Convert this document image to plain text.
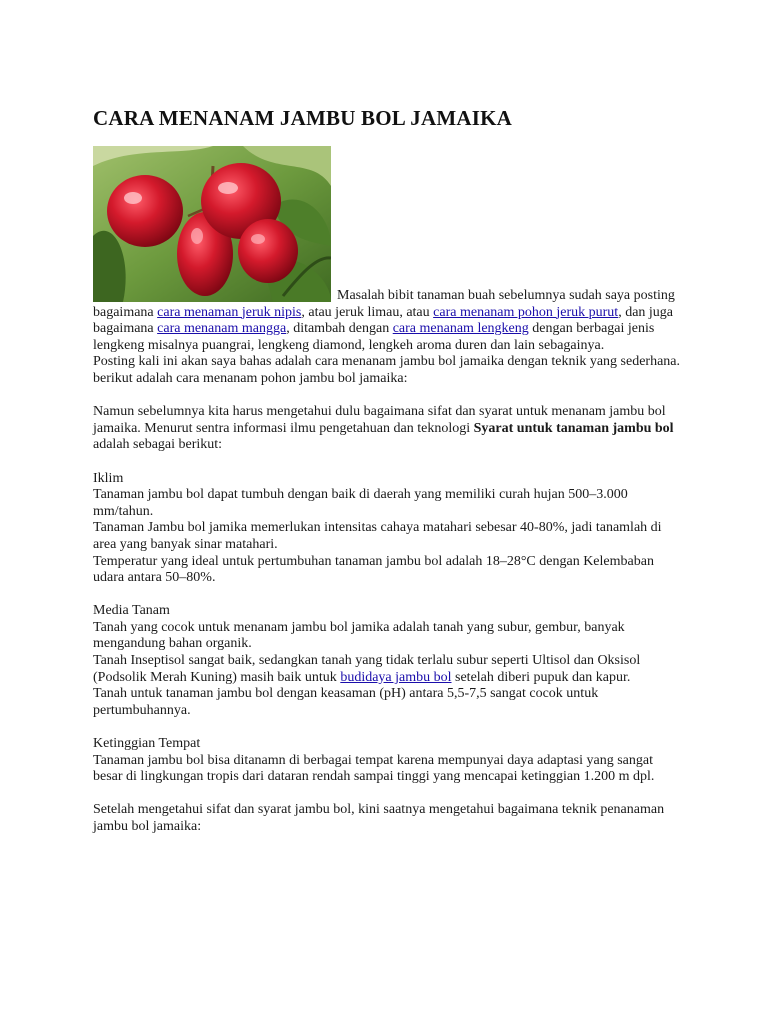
CARA MENANAM JAMBU BOL JAMAIKA

Masalah bibit tanaman buah sebelumnya sudah saya posting bagaimana cara menaman jeruk nipis, atau jeruk limau, atau cara menanam pohon jeruk purut, dan juga bagaimana cara menanam mangga, ditambah dengan cara menanam lengkeng dengan berbagai jenis lengkeng misalnya puangrai, lengkeng diamond, lengkeh aroma duren dan lain sebagainya.

Posting kali ini akan saya bahas adalah cara menanam jambu bol jamaika dengan teknik yang sederhana. berikut adalah cara menanam pohon jambu bol jamaika:

Namun sebelumnya kita harus mengetahui dulu bagaimana sifat dan syarat untuk menanam jambu bol jamaika. Menurut sentra informasi ilmu pengetahuan dan teknologi Syarat untuk tanaman jambu bol adalah sebagai berikut:

Iklim

Tanaman jambu bol dapat tumbuh dengan baik di daerah yang memiliki curah hujan 500–3.000 mm/tahun.

Tanaman Jambu bol jamika memerlukan intensitas cahaya matahari sebesar 40-80%, jadi tanamlah di area yang banyak sinar matahari.

Temperatur yang ideal untuk pertumbuhan tanaman jambu bol adalah 18–28°C dengan Kelembaban udara antara 50–80%.

Media Tanam

Tanah yang cocok untuk menanam jambu bol jamika adalah tanah yang subur, gembur, banyak mengandung bahan organik.

Tanah Inseptisol sangat baik, sedangkan tanah yang tidak terlalu subur seperti Ultisol dan Oksisol (Podsolik Merah Kuning) masih baik untuk budidaya jambu bol setelah diberi pupuk dan kapur.

Tanah untuk tanaman jambu bol dengan keasaman (pH) antara 5,5-7,5 sangat cocok untuk pertumbuhannya.

Ketinggian Tempat

Tanaman jambu bol bisa ditanamn di berbagai tempat karena mempunyai daya adaptasi yang sangat besar di lingkungan tropis dari dataran rendah sampai tinggi yang mencapai ketinggian 1.200 m dpl.

Setelah mengetahui sifat dan syarat jambu bol, kini saatnya mengetahui bagaimana teknik penanaman jambu bol jamaika:
